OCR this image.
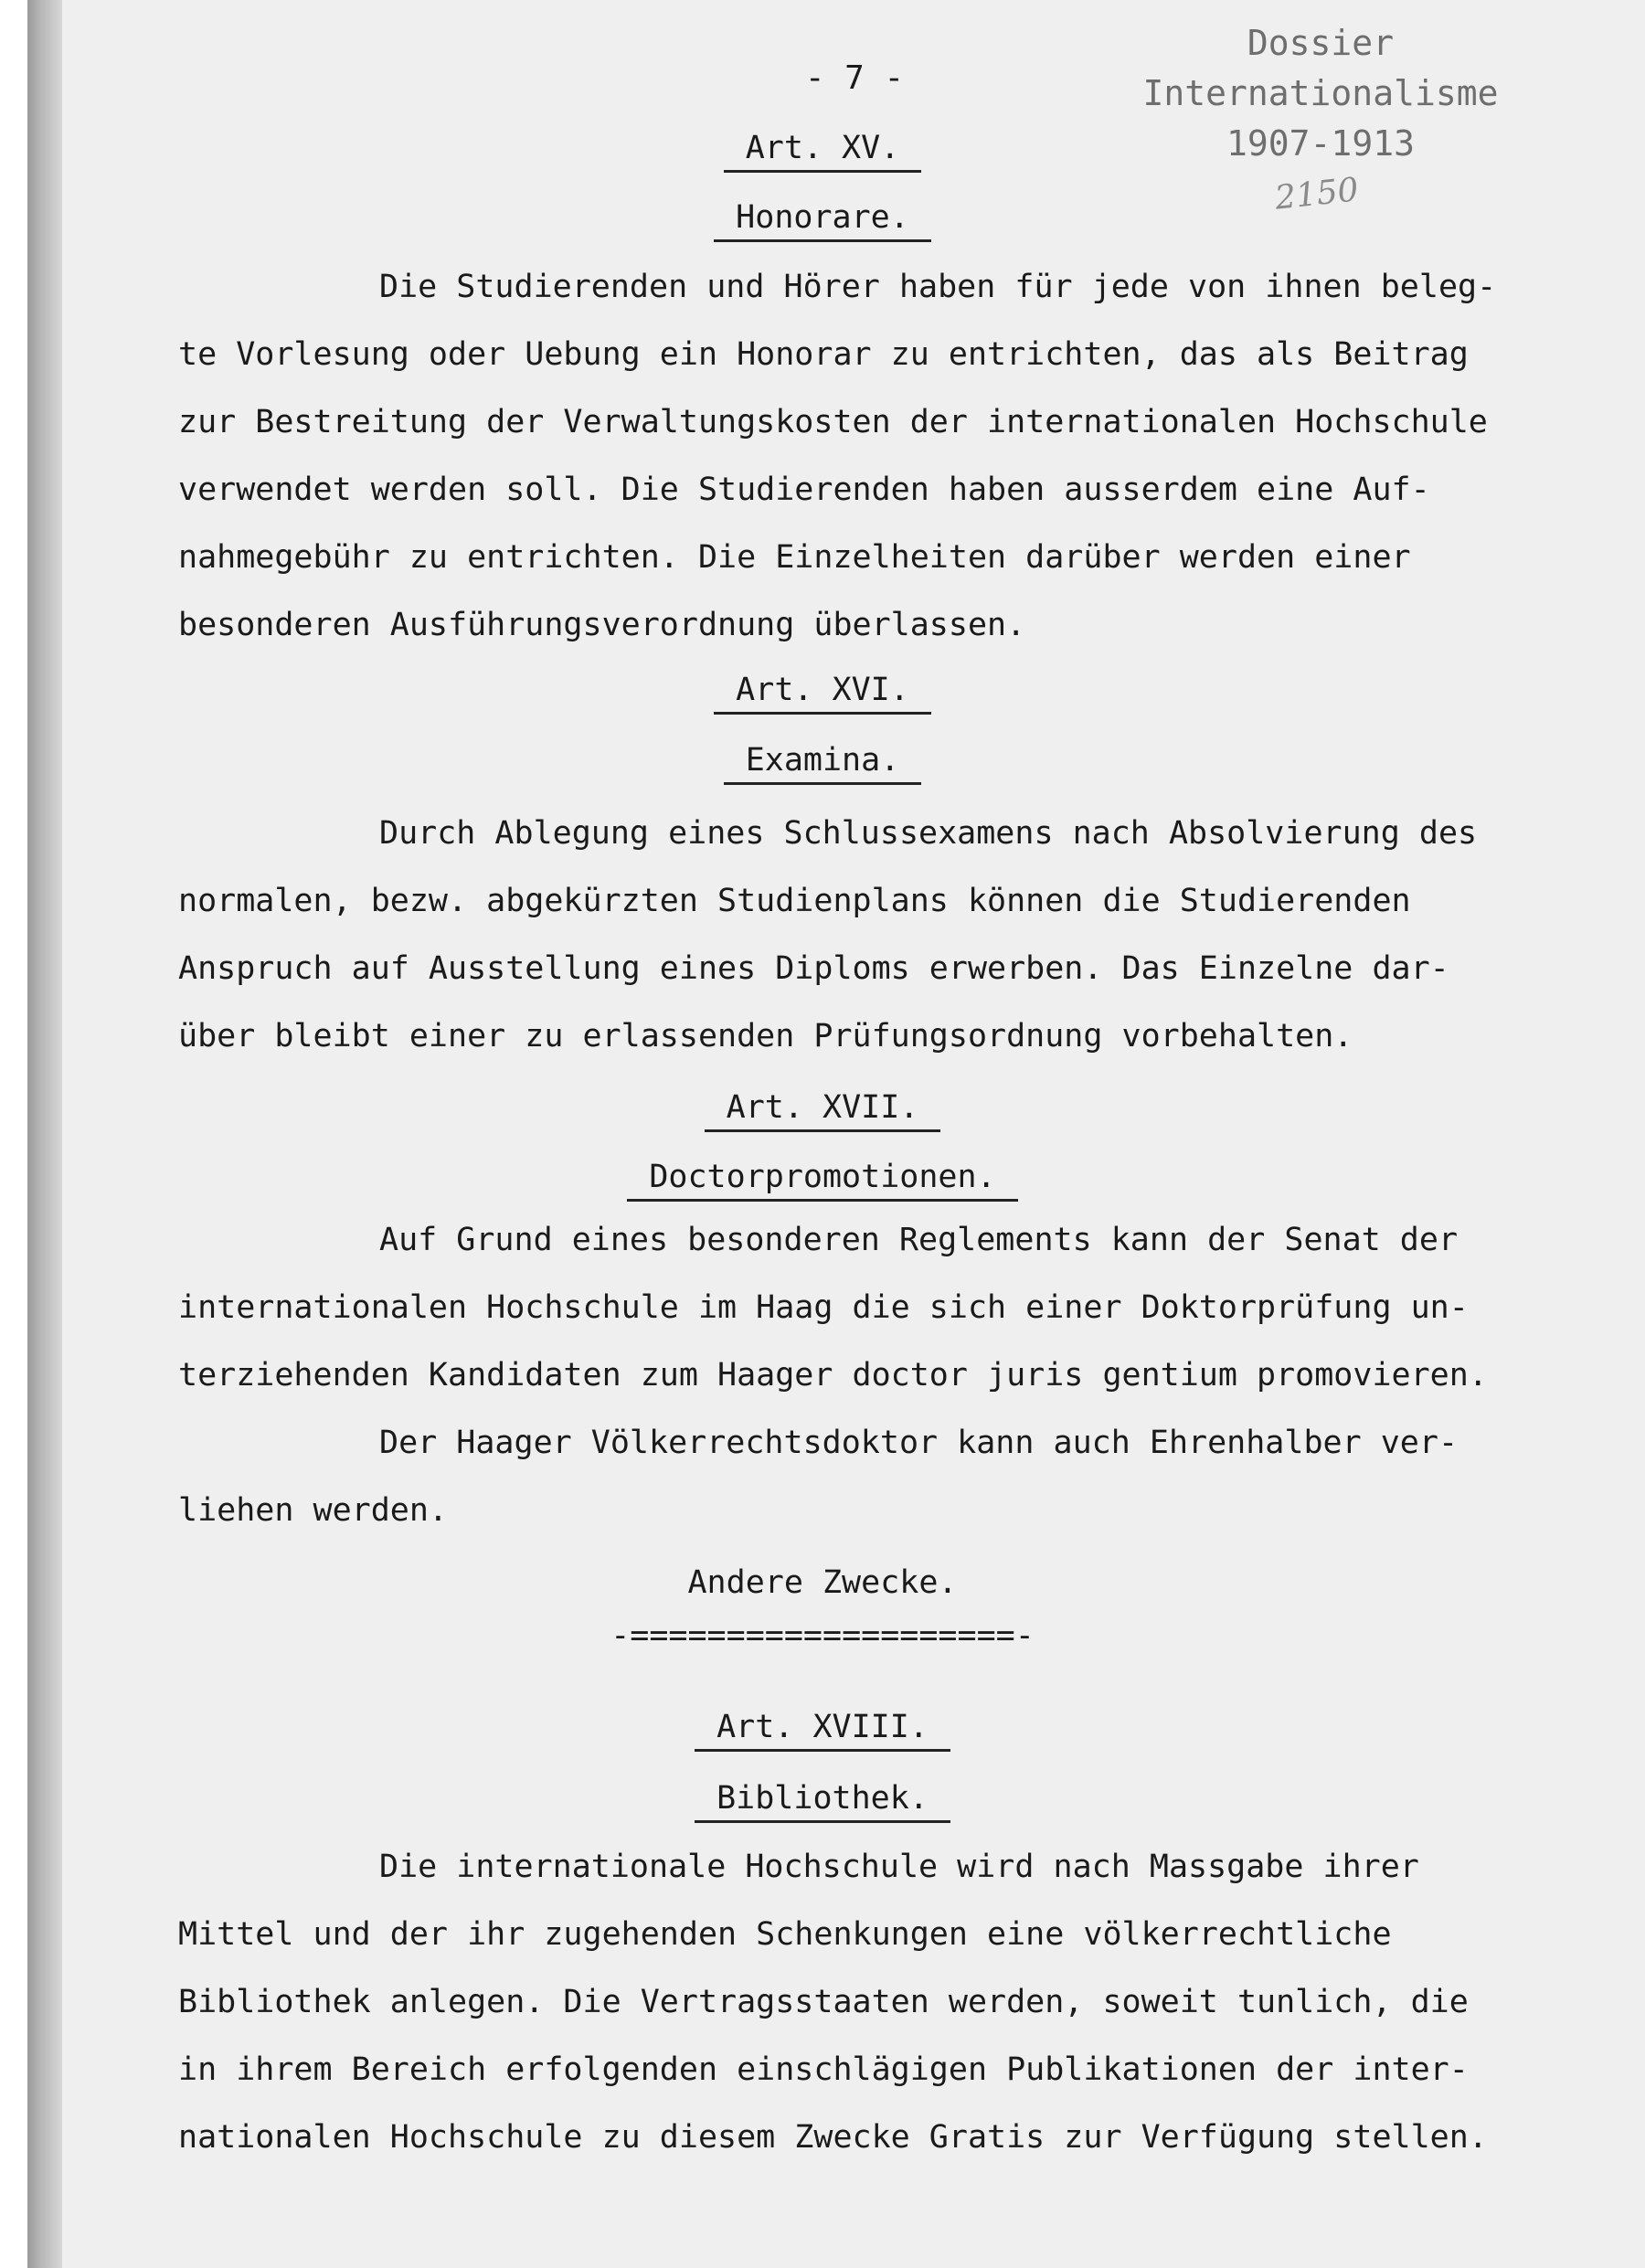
Dossier
Internationalisme
1907-1913
2150
- 7 -
Art. XV.
Honorare.
Die Studierenden und Hörer haben für jede von ihnen beleg-
te Vorlesung oder Uebung ein Honorar zu entrichten, das als Beitrag
zur Bestreitung der Verwaltungskosten der internationalen Hochschule
verwendet werden soll. Die Studierenden haben ausserdem eine Auf-
nahmegebühr zu entrichten. Die Einzelheiten darüber werden einer
besonderen Ausführungsverordnung überlassen.
Art. XVI.
Examina.
Durch Ablegung eines Schlussexamens nach Absolvierung des
normalen, bezw. abgekürzten Studienplans können die Studierenden
Anspruch auf Ausstellung eines Diploms erwerben. Das Einzelne dar-
über bleibt einer zu erlassenden Prüfungsordnung vorbehalten.
Art. XVII.
Doctorpromotionen.
Auf Grund eines besonderen Reglements kann der Senat der
internationalen Hochschule im Haag die sich einer Doktorprüfung un-
terziehenden Kandidaten zum Haager doctor juris gentium promovieren.
Der Haager Völkerrechtsdoktor kann auch Ehrenhalber ver-
liehen werden.
Andere Zwecke.
-====================-
Art. XVIII.
Bibliothek.
Die internationale Hochschule wird nach Massgabe ihrer
Mittel und der ihr zugehenden Schenkungen eine völkerrechtliche
Bibliothek anlegen. Die Vertragsstaaten werden, soweit tunlich, die
in ihrem Bereich erfolgenden einschlägigen Publikationen der inter-
nationalen Hochschule zu diesem Zwecke Gratis zur Verfügung stellen.
